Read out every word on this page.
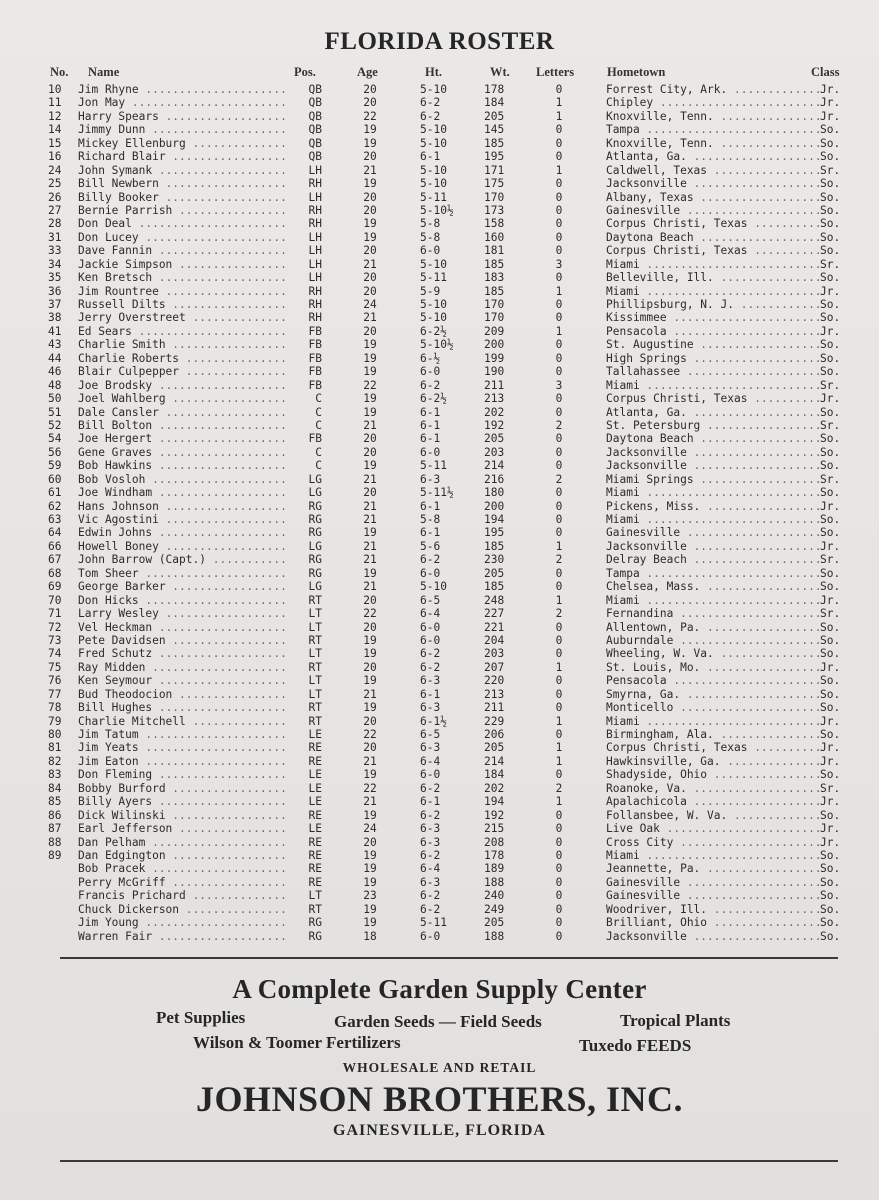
FLORIDA ROSTER
No. Name	Pos.	Age	Ht.	Wt. Letters	Hometown	Class
10	Jim Rhyne .....	QB	20	5-10	178	0	Forrest City, Ark. .....	Jr.
11	Jon May .....	QB	20	6-2	184	1	Chipley .....	Jr.
12	Harry Spears .....	QB	22	6-2	205	1	Knoxville, Tenn. .....	Jr.
14	Jimmy Dunn .....	QB	19	5-10	145	0	Tampa .....	So.
15	Mickey Ellenburg .....	QB	19	5-10	185	0	Knoxville, Tenn. .....	So.
16	Richard Blair .....	QB	20	6-1	195	0	Atlanta, Ga. .....	So.
24	John Symank .....	LH	21	5-10	171	1	Caldwell, Texas .....	Sr.
25	Bill Newbern .....	RH	19	5-10	175	0	Jacksonville .....	So.
26	Billy Booker .....	LH	20	5-11	170	0	Albany, Texas .....	So.
27	Bernie Parrish .....	RH	20	5-10½	173	0	Gainesville .....	So.
28	Don Deal .....	RH	19	5-8	158	0	Corpus Christi, Texas .....	So.
31	Don Lucey .....	LH	19	5-8	160	0	Daytona Beach .....	So.
33	Dave Fannin .....	LH	20	6-0	181	0	Corpus Christi, Texas .....	So.
34	Jackie Simpson .....	LH	21	5-10	185	3	Miami .....	Sr.
35	Ken Bretsch .....	LH	20	5-11	183	0	Belleville, Ill. .....	So.
36	Jim Rountree .....	RH	20	5-9	185	1	Miami .....	Jr.
37	Russell Dilts .....	RH	24	5-10	170	0	Phillipsburg, N. J. .....	So.
38	Jerry Overstreet .....	RH	21	5-10	170	0	Kissimmee .....	So.
41	Ed Sears .....	FB	20	6-2½	209	1	Pensacola .....	Jr.
43	Charlie Smith .....	FB	19	5-10½	200	0	St. Augustine .....	So.
44	Charlie Roberts .....	FB	19	6-½	199	0	High Springs .....	So.
46	Blair Culpepper .....	FB	19	6-0	190	0	Tallahassee .....	So.
48	Joe Brodsky .....	FB	22	6-2	211	3	Miami .....	Sr.
50	Joel Wahlberg .....	C	19	6-2½	213	0	Corpus Christi, Texas .....	Jr.
51	Dale Cansler .....	C	19	6-1	202	0	Atlanta, Ga. .....	So.
52	Bill Bolton .....	C	21	6-1	192	2	St. Petersburg .....	Sr.
54	Joe Hergert .....	FB	20	6-1	205	0	Daytona Beach .....	So.
56	Gene Graves .....	C	20	6-0	203	0	Jacksonville .....	So.
59	Bob Hawkins .....	C	19	5-11	214	0	Jacksonville .....	So.
60	Bob Vosloh .....	LG	21	6-3	216	2	Miami Springs .....	Sr.
61	Joe Windham .....	LG	20	5-11½	180	0	Miami .....	So.
62	Hans Johnson .....	RG	21	6-1	200	0	Pickens, Miss. .....	Jr.
63	Vic Agostini .....	RG	21	5-8	194	0	Miami .....	So.
64	Edwin Johns .....	RG	19	6-1	195	0	Gainesville .....	So.
66	Howell Boney .....	LG	21	5-6	185	1	Jacksonville .....	Jr.
67	John Barrow (Capt.) .....	RG	21	6-2	230	2	Delray Beach .....	Sr.
68	Tom Sheer .....	RG	19	6-0	205	0	Tampa .....	So.
69	George Barker .....	LG	21	5-10	185	0	Chelsea, Mass. .....	So.
70	Don Hicks .....	RT	20	6-5	248	1	Miami .....	Jr.
71	Larry Wesley .....	LT	22	6-4	227	2	Fernandina .....	Sr.
72	Vel Heckman .....	LT	20	6-0	221	0	Allentown, Pa. .....	So.
73	Pete Davidsen .....	RT	19	6-0	204	0	Auburndale .....	So.
74	Fred Schutz .....	LT	19	6-2	203	0	Wheeling, W. Va. .....	So.
75	Ray Midden .....	RT	20	6-2	207	1	St. Louis, Mo. .....	Jr.
76	Ken Seymour .....	LT	19	6-3	220	0	Pensacola .....	So.
77	Bud Theodocion .....	LT	21	6-1	213	0	Smyrna, Ga. .....	So.
78	Bill Hughes .....	RT	19	6-3	211	0	Monticello .....	So.
79	Charlie Mitchell .....	RT	20	6-1½	229	1	Miami .....	Jr.
80	Jim Tatum .....	LE	22	6-5	206	0	Birmingham, Ala. .....	So.
81	Jim Yeats .....	RE	20	6-3	205	1	Corpus Christi, Texas .....	Jr.
82	Jim Eaton .....	RE	21	6-4	214	1	Hawkinsville, Ga. .....	Jr.
83	Don Fleming .....	LE	19	6-0	184	0	Shadyside, Ohio .....	So.
84	Bobby Burford .....	LE	22	6-2	202	2	Roanoke, Va. .....	Sr.
85	Billy Ayers .....	LE	21	6-1	194	1	Apalachicola .....	Jr.
86	Dick Wilinski .....	RE	19	6-2	192	0	Follansbee, W. Va. .....	So.
87	Earl Jefferson .....	LE	24	6-3	215	0	Live Oak .....	Jr.
88	Dan Pelham .....	RE	20	6-3	208	0	Cross City .....	Jr.
89	Dan Edgington .....	RE	19	6-2	178	0	Miami .....	So.
Bob Pracek .....	RE	19	6-4	189	0	Jeannette, Pa. .....	So.
Perry McGriff .....	RE	19	6-3	188	0	Gainesville .....	So.
Francis Prichard .....	LT	23	6-2	240	0	Gainesville .....	So.
Chuck Dickerson .....	RT	19	6-2	249	0	Woodriver, Ill. .....	So.
Jim Young .....	RG	19	5-11	205	0	Brilliant, Ohio .....	So.
Warren Fair .....	RG	18	6-0	188	0	Jacksonville .....	So.
A Complete Garden Supply Center
Pet Supplies	Garden Seeds — Field Seeds	Tropical Plants
Wilson & Toomer Fertilizers	Tuxedo FEEDS
WHOLESALE AND RETAIL
JOHNSON BROTHERS, INC.
GAINESVILLE, FLORIDA
